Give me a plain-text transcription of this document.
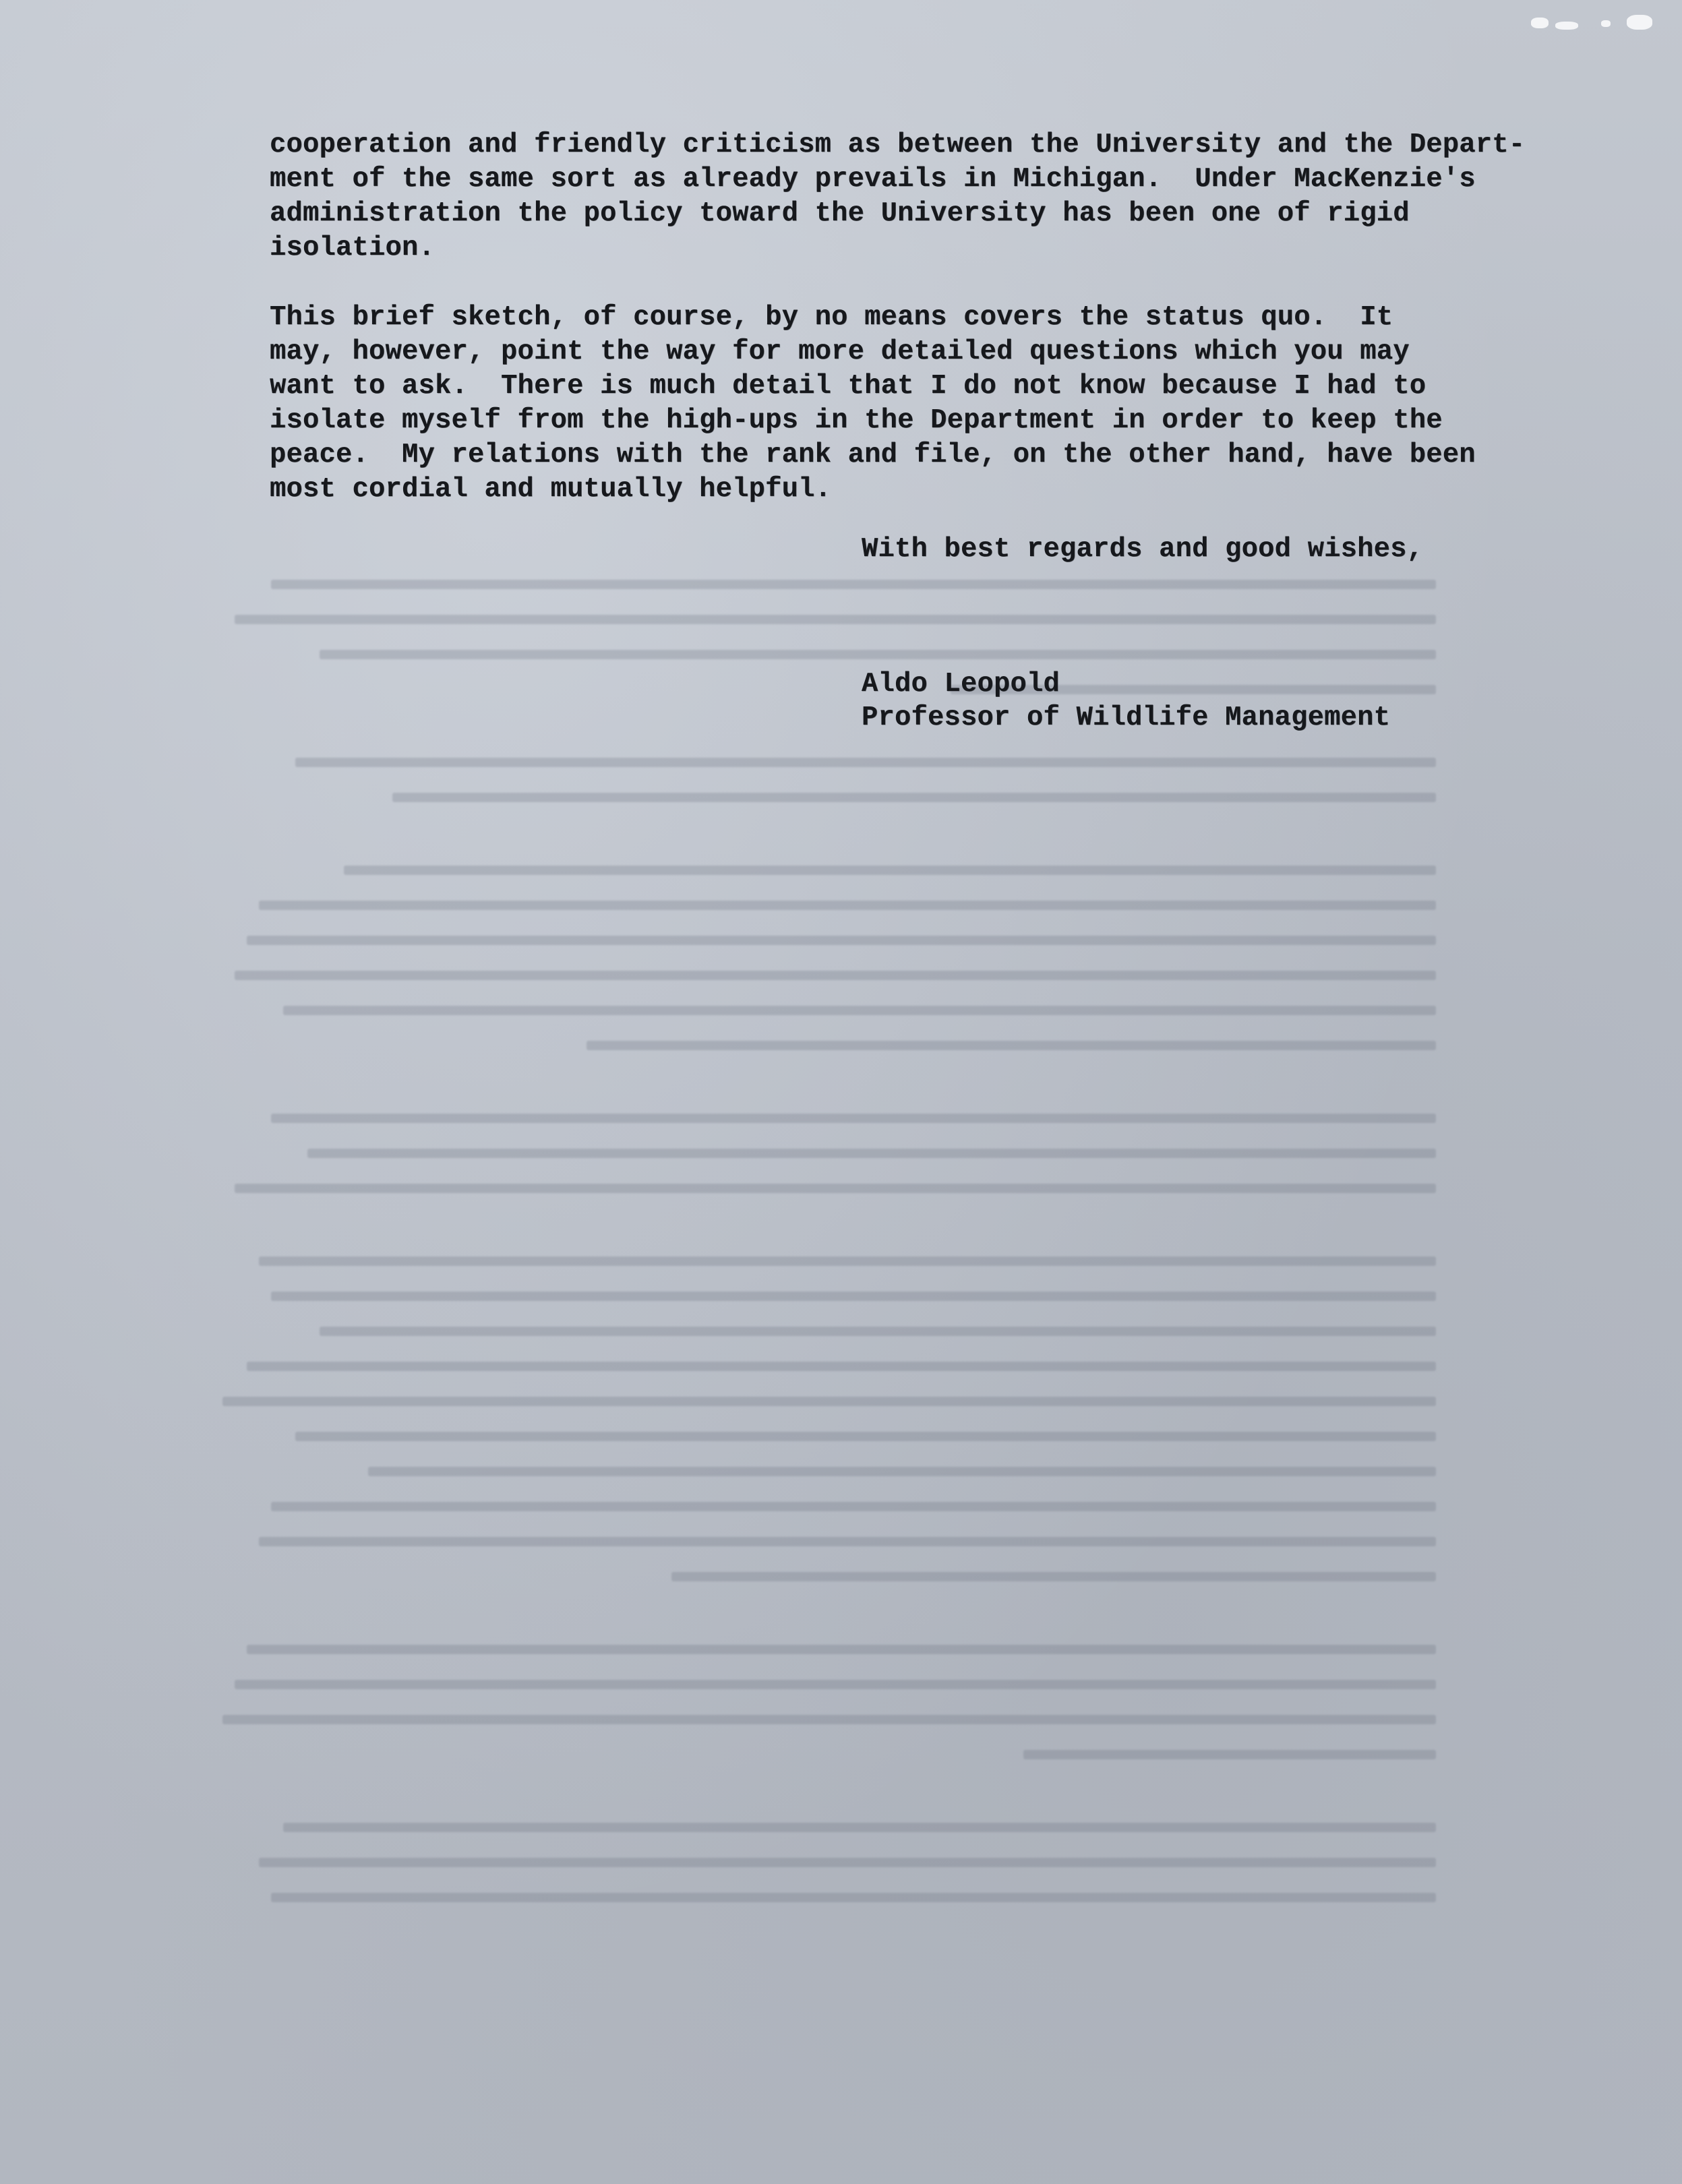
cooperation and friendly criticism as between the University and the Depart-
ment of the same sort as already prevails in Michigan.  Under MacKenzie's
administration the policy toward the University has been one of rigid
isolation.
This brief sketch, of course, by no means covers the status quo.  It
may, however, point the way for more detailed questions which you may
want to ask.  There is much detail that I do not know because I had to
isolate myself from the high-ups in the Department in order to keep the
peace.  My relations with the rank and file, on the other hand, have been
most cordial and mutually helpful.
With best regards and good wishes,
Aldo Leopold
Professor of Wildlife Management
